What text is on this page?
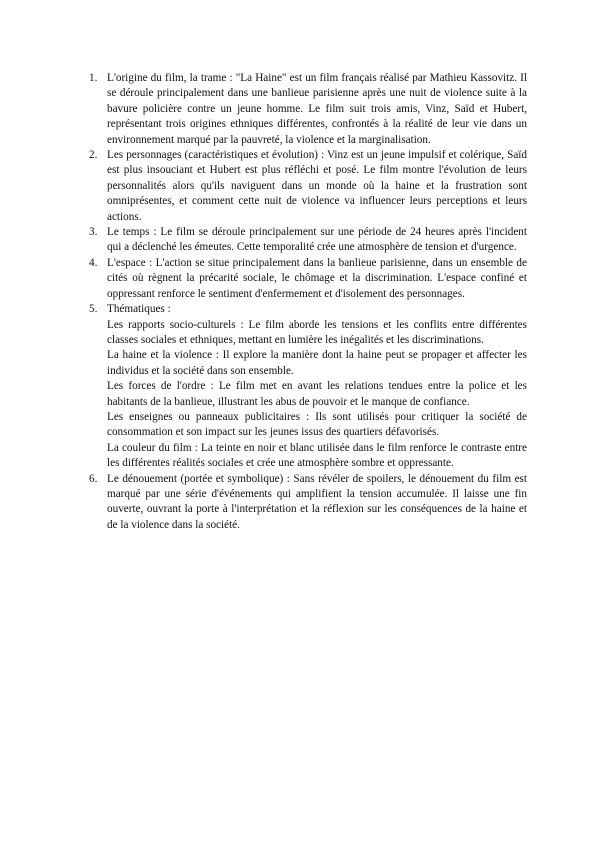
1. L'origine du film, la trame : "La Haine" est un film français réalisé par Mathieu Kassovitz. Il se déroule principalement dans une banlieue parisienne après une nuit de violence suite à la bavure policière contre un jeune homme. Le film suit trois amis, Vinz, Saïd et Hubert, représentant trois origines ethniques différentes, confrontés à la réalité de leur vie dans un environnement marqué par la pauvreté, la violence et la marginalisation.

2. Les personnages (caractéristiques et évolution) : Vinz est un jeune impulsif et colérique, Saïd est plus insouciant et Hubert est plus réfléchi et posé. Le film montre l'évolution de leurs personnalités alors qu'ils naviguent dans un monde où la haine et la frustration sont omniprésentes, et comment cette nuit de violence va influencer leurs perceptions et leurs actions.

3. Le temps : Le film se déroule principalement sur une période de 24 heures après l'incident qui a déclenché les émeutes. Cette temporalité crée une atmosphère de tension et d'urgence.

4. L'espace : L'action se situe principalement dans la banlieue parisienne, dans un ensemble de cités où règnent la précarité sociale, le chômage et la discrimination. L'espace confiné et oppressant renforce le sentiment d'enfermement et d'isolement des personnages.

5. Thématiques :

Les rapports socio-culturels : Le film aborde les tensions et les conflits entre différentes classes sociales et ethniques, mettant en lumière les inégalités et les discriminations.

La haine et la violence : Il explore la manière dont la haine peut se propager et affecter les individus et la société dans son ensemble.

Les forces de l'ordre : Le film met en avant les relations tendues entre la police et les habitants de la banlieue, illustrant les abus de pouvoir et le manque de confiance.

Les enseignes ou panneaux publicitaires : Ils sont utilisés pour critiquer la société de consommation et son impact sur les jeunes issus des quartiers défavorisés.

La couleur du film : La teinte en noir et blanc utilisée dans le film renforce le contraste entre les différentes réalités sociales et crée une atmosphère sombre et oppressante.

6. Le dénouement (portée et symbolique) : Sans révéler de spoilers, le dénouement du film est marqué par une série d'événements qui amplifient la tension accumulée. Il laisse une fin ouverte, ouvrant la porte à l'interprétation et la réflexion sur les conséquences de la haine et de la violence dans la société.
